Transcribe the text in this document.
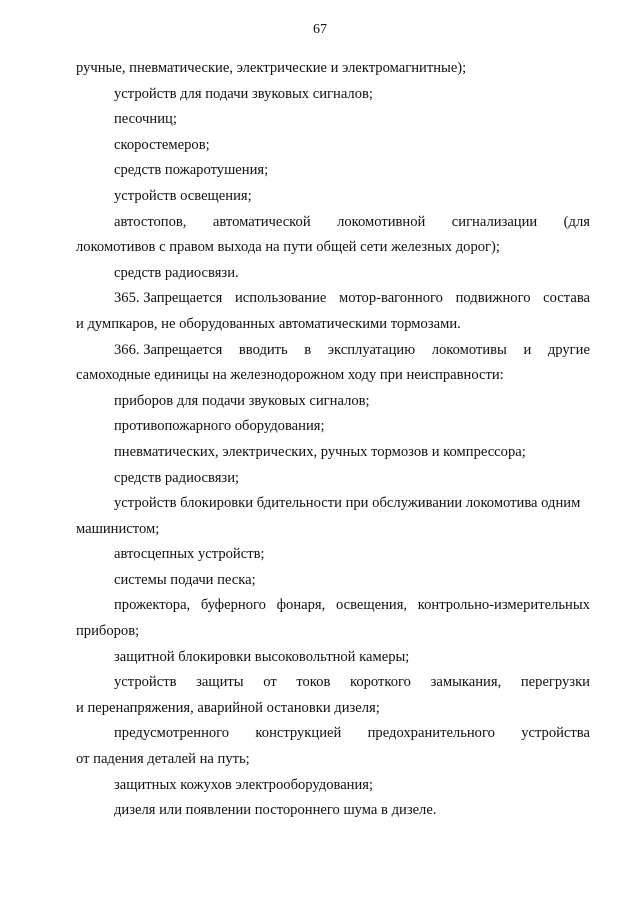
67
ручные, пневматические, электрические и электромагнитные);
устройств для подачи звуковых сигналов;
песочниц;
скоростемеров;
средств пожаротушения;
устройств освещения;
автостопов, автоматической локомотивной сигнализации (для
локомотивов с правом выхода на пути общей сети железных дорог);
средств радиосвязи.
365. Запрещается использование мотор-вагонного подвижного состава
и думпкаров, не оборудованных автоматическими тормозами.
366. Запрещается вводить в эксплуатацию локомотивы и другие
самоходные единицы на железнодорожном ходу при неисправности:
приборов для подачи звуковых сигналов;
противопожарного оборудования;
пневматических, электрических, ручных тормозов и компрессора;
средств радиосвязи;
устройств блокировки бдительности при обслуживании локомотива одним
машинистом;
автосцепных устройств;
системы подачи песка;
прожектора, буферного фонаря, освещения, контрольно-измерительных
приборов;
защитной блокировки высоковольтной камеры;
устройств защиты от токов короткого замыкания, перегрузки
и перенапряжения, аварийной остановки дизеля;
предусмотренного конструкцией предохранительного устройства
от падения деталей на путь;
защитных кожухов электрооборудования;
дизеля или появлении постороннего шума в дизеле.
